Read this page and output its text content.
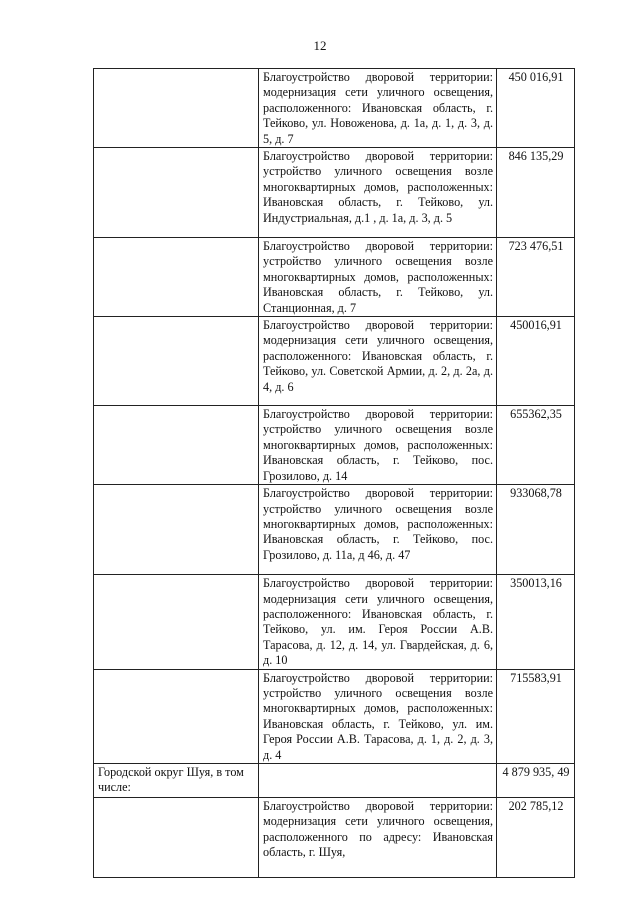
12

	Благоустройство дворовой территории: модернизация сети уличного освещения, расположенного: Ивановская область, г. Тейково, ул. Новоженова, д. 1а, д. 1, д. 3, д. 5, д. 7	450 016,91

	Благоустройство дворовой территории: устройство уличного освещения возле многоквартирных домов, расположенных: Ивановская область, г. Тейково, ул. Индустриальная, д.1 , д. 1а, д. 3, д. 5	846 135,29

	Благоустройство дворовой территории: устройство уличного освещения возле многоквартирных домов, расположенных: Ивановская область, г. Тейково, ул. Станционная, д. 7	723 476,51

	Благоустройство дворовой территории: модернизация сети уличного освещения, расположенного: Ивановская область, г. Тейково, ул. Советской Армии, д. 2, д. 2а, д. 4, д. 6	450016,91

	Благоустройство дворовой территории: устройство уличного освещения возле многоквартирных домов, расположенных: Ивановская область, г. Тейково, пос. Грозилово, д. 14	655362,35

	Благоустройство дворовой территории: устройство уличного освещения возле многоквартирных домов, расположенных: Ивановская область, г. Тейково, пос. Грозилово, д. 11а, д 46, д. 47	933068,78

	Благоустройство дворовой территории: модернизация сети уличного освещения, расположенного: Ивановская область, г. Тейково, ул. им. Героя России А.В. Тарасова, д. 12, д. 14, ул. Гвардейская, д. 6, д. 10	350013,16

	Благоустройство дворовой территории: устройство уличного освещения возле многоквартирных домов, расположенных: Ивановская область, г. Тейково, ул. им. Героя России А.В. Тарасова, д. 1, д. 2, д. 3, д. 4	715583,91

Городской округ Шуя, в том числе:		4 879 935, 49

	Благоустройство дворовой территории: модернизация сети уличного освещения, расположенного по адресу: Ивановская область, г. Шуя,	202 785,12
